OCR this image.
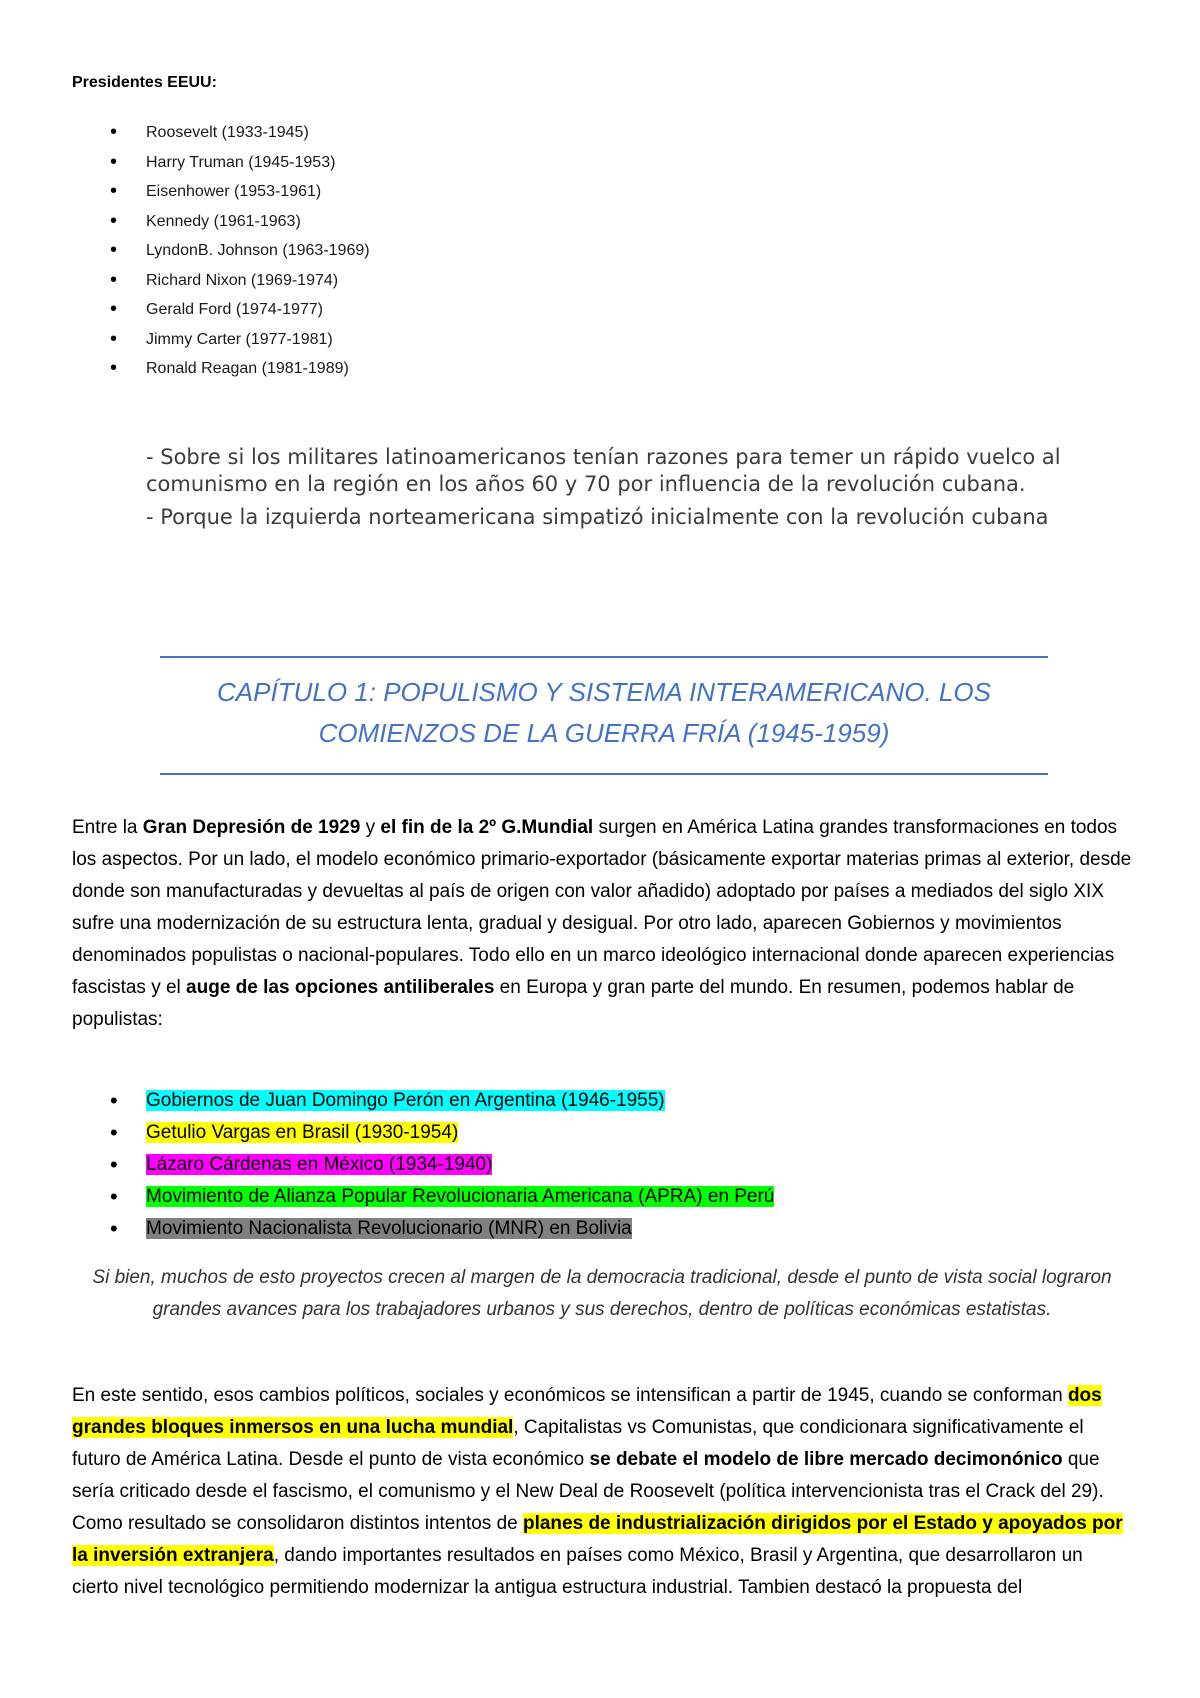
Presidentes EEUU:

• Roosevelt (1933-1945)
• Harry Truman (1945-1953)
• Eisenhower (1953-1961)
• Kennedy (1961-1963)
• LyndonB. Johnson (1963-1969)
• Richard Nixon (1969-1974)
• Gerald Ford (1974-1977)
• Jimmy Carter (1977-1981)
• Ronald Reagan (1981-1989)

- Sobre si los militares latinoamericanos tenían razones para temer un rápido vuelco al comunismo en la región en los años 60 y 70 por influencia de la revolución cubana.

- Porque la izquierda norteamericana simpatizó inicialmente con la revolución cubana

CAPÍTULO 1: POPULISMO Y SISTEMA INTERAMERICANO. LOS
COMIENZOS DE LA GUERRA FRÍA (1945-1959)

Entre la Gran Depresión de 1929 y el fin de la 2º G.Mundial surgen en América Latina grandes transformaciones en todos los aspectos. Por un lado, el modelo económico primario-exportador (básicamente exportar materias primas al exterior, desde donde son manufacturadas y devueltas al país de origen con valor añadido) adoptado por países a mediados del siglo XIX sufre una modernización de su estructura lenta, gradual y desigual. Por otro lado, aparecen Gobiernos y movimientos denominados populistas o nacional-populares. Todo ello en un marco ideológico internacional donde aparecen experiencias fascistas y el auge de las opciones antiliberales en Europa y gran parte del mundo. En resumen, podemos hablar de populistas:

• Gobiernos de Juan Domingo Perón en Argentina (1946-1955)
• Getulio Vargas en Brasil (1930-1954)
• Lázaro Cárdenas en México (1934-1940)
• Movimiento de Alianza Popular Revolucionaria Americana (APRA) en Perú
• Movimiento Nacionalista Revolucionario (MNR) en Bolivia

Si bien, muchos de esto proyectos crecen al margen de la democracia tradicional, desde el punto de vista social lograron grandes avances para los trabajadores urbanos y sus derechos, dentro de políticas económicas estatistas.

En este sentido, esos cambios políticos, sociales y económicos se intensifican a partir de 1945, cuando se conforman dos grandes bloques inmersos en una lucha mundial, Capitalistas vs Comunistas, que condicionara significativamente el futuro de América Latina. Desde el punto de vista económico se debate el modelo de libre mercado decimonónico que sería criticado desde el fascismo, el comunismo y el New Deal de Roosevelt (política intervencionista tras el Crack del 29). Como resultado se consolidaron distintos intentos de planes de industrialización dirigidos por el Estado y apoyados por la inversión extranjera, dando importantes resultados en países como México, Brasil y Argentina, que desarrollaron un cierto nivel tecnológico permitiendo modernizar la antigua estructura industrial. Tambien destacó la propuesta del
